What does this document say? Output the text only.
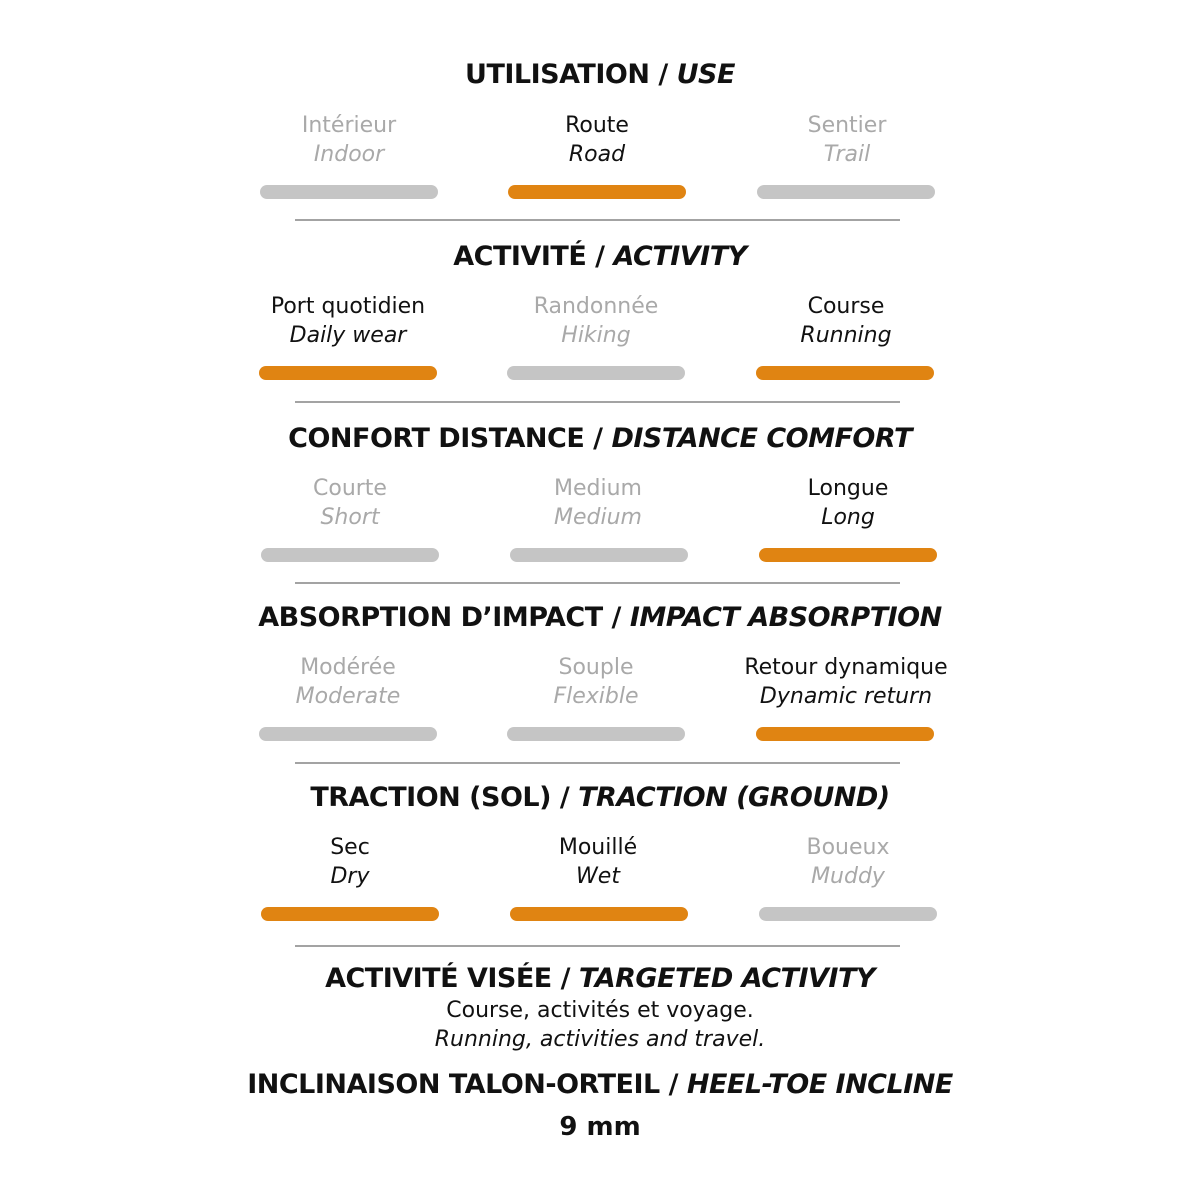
UTILISATION / USE
Intérieur
Indoor
Route
Road
Sentier
Trail
ACTIVITÉ / ACTIVITY
Port quotidien
Daily wear
Randonnée
Hiking
Course
Running
CONFORT DISTANCE / DISTANCE COMFORT
Courte
Short
Medium
Medium
Longue
Long
ABSORPTION D’IMPACT / IMPACT ABSORPTION
Modérée
Moderate
Souple
Flexible
Retour dynamique
Dynamic return
TRACTION (SOL) / TRACTION (GROUND)
Sec
Dry
Mouillé
Wet
Boueux
Muddy
ACTIVITÉ VISÉE / TARGETED ACTIVITY
Course, activités et voyage.
Running, activities and travel.
INCLINAISON TALON-ORTEIL / HEEL-TOE INCLINE
9 mm
